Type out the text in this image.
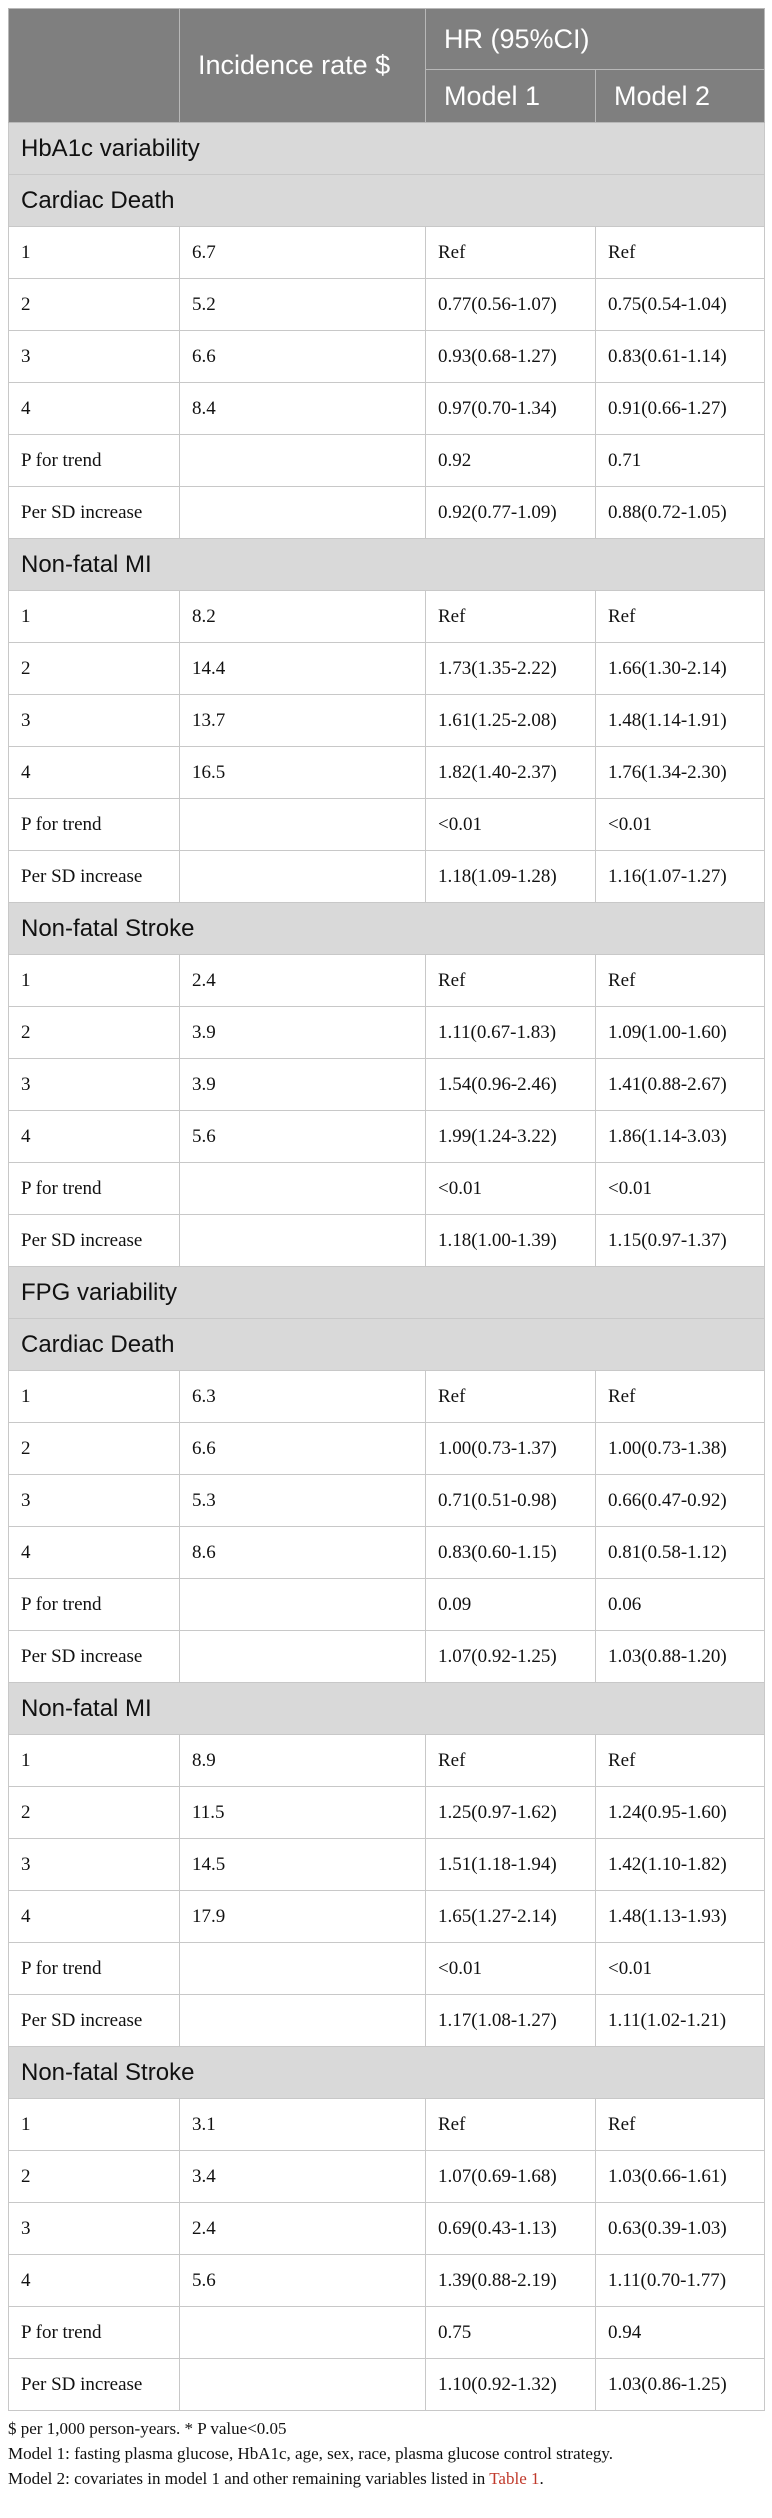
	Incidence rate $	HR (95%CI)	
		Model 1	Model 2
HbA1c variability			
Cardiac Death			
1	6.7	Ref	Ref
2	5.2	0.77(0.56-1.07)	0.75(0.54-1.04)
3	6.6	0.93(0.68-1.27)	0.83(0.61-1.14)
4	8.4	0.97(0.70-1.34)	0.91(0.66-1.27)
P for trend		0.92	0.71
Per SD increase		0.92(0.77-1.09)	0.88(0.72-1.05)
Non-fatal MI			
1	8.2	Ref	Ref
2	14.4	1.73(1.35-2.22)	1.66(1.30-2.14)
3	13.7	1.61(1.25-2.08)	1.48(1.14-1.91)
4	16.5	1.82(1.40-2.37)	1.76(1.34-2.30)
P for trend		<0.01	<0.01
Per SD increase		1.18(1.09-1.28)	1.16(1.07-1.27)
Non-fatal Stroke			
1	2.4	Ref	Ref
2	3.9	1.11(0.67-1.83)	1.09(1.00-1.60)
3	3.9	1.54(0.96-2.46)	1.41(0.88-2.67)
4	5.6	1.99(1.24-3.22)	1.86(1.14-3.03)
P for trend		<0.01	<0.01
Per SD increase		1.18(1.00-1.39)	1.15(0.97-1.37)
FPG variability			
Cardiac Death			
1	6.3	Ref	Ref
2	6.6	1.00(0.73-1.37)	1.00(0.73-1.38)
3	5.3	0.71(0.51-0.98)	0.66(0.47-0.92)
4	8.6	0.83(0.60-1.15)	0.81(0.58-1.12)
P for trend		0.09	0.06
Per SD increase		1.07(0.92-1.25)	1.03(0.88-1.20)
Non-fatal MI			
1	8.9	Ref	Ref
2	11.5	1.25(0.97-1.62)	1.24(0.95-1.60)
3	14.5	1.51(1.18-1.94)	1.42(1.10-1.82)
4	17.9	1.65(1.27-2.14)	1.48(1.13-1.93)
P for trend		<0.01	<0.01
Per SD increase		1.17(1.08-1.27)	1.11(1.02-1.21)
Non-fatal Stroke			
1	3.1	Ref	Ref
2	3.4	1.07(0.69-1.68)	1.03(0.66-1.61)
3	2.4	0.69(0.43-1.13)	0.63(0.39-1.03)
4	5.6	1.39(0.88-2.19)	1.11(0.70-1.77)
P for trend		0.75	0.94
Per SD increase		1.10(0.92-1.32)	1.03(0.86-1.25)
$ per 1,000 person-years. * P value<0.05
Model 1: fasting plasma glucose, HbA1c, age, sex, race, plasma glucose control strategy.
Model 2: covariates in model 1 and other remaining variables listed in Table 1.
